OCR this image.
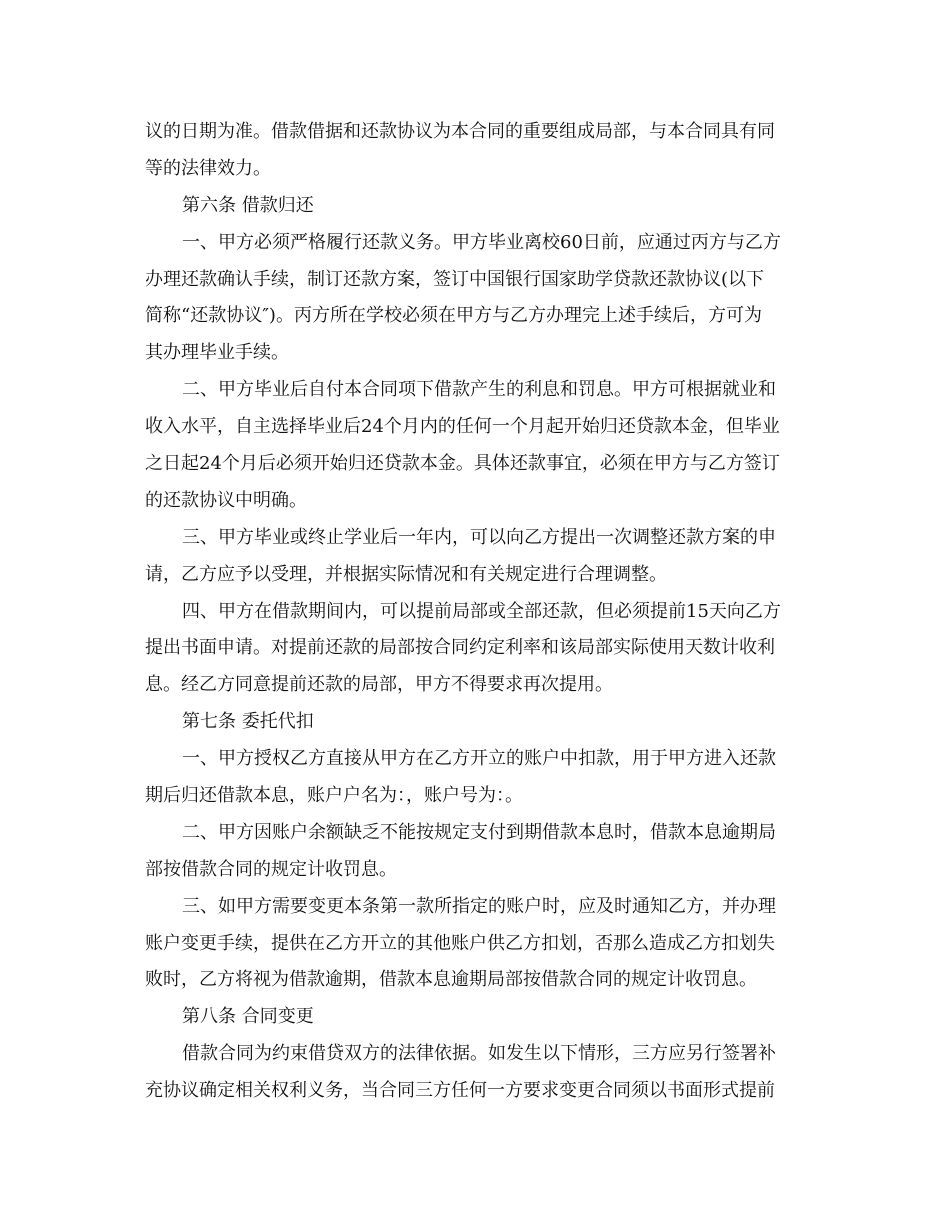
议的日期为准。借款借据和还款协议为本合同的重要组成局部，与本合同具有同
等的法律效力。
第六条 借款归还
一、甲方必须严格履行还款义务。甲方毕业离校60日前，应通过丙方与乙方
办理还款确认手续，制订还款方案，签订中国银行国家助学贷款还款协议(以下
简称“还款协议″)。丙方所在学校必须在甲方与乙方办理完上述手续后，方可为
其办理毕业手续。
二、甲方毕业后自付本合同项下借款产生的利息和罚息。甲方可根据就业和
收入水平，自主选择毕业后24个月内的任何一个月起开始归还贷款本金，但毕业
之日起24个月后必须开始归还贷款本金。具体还款事宜，必须在甲方与乙方签订
的还款协议中明确。
三、甲方毕业或终止学业后一年内，可以向乙方提出一次调整还款方案的申
请，乙方应予以受理，并根据实际情况和有关规定进行合理调整。
四、甲方在借款期间内，可以提前局部或全部还款，但必须提前15天向乙方
提出书面申请。对提前还款的局部按合同约定利率和该局部实际使用天数计收利
息。经乙方同意提前还款的局部，甲方不得要求再次提用。
第七条 委托代扣
一、甲方授权乙方直接从甲方在乙方开立的账户中扣款，用于甲方进入还款
期后归还借款本息，账户户名为：，账户号为：。
二、甲方因账户余额缺乏不能按规定支付到期借款本息时，借款本息逾期局
部按借款合同的规定计收罚息。
三、如甲方需要变更本条第一款所指定的账户时，应及时通知乙方，并办理
账户变更手续，提供在乙方开立的其他账户供乙方扣划，否那么造成乙方扣划失
败时，乙方将视为借款逾期，借款本息逾期局部按借款合同的规定计收罚息。
第八条 合同变更
借款合同为约束借贷双方的法律依据。如发生以下情形，三方应另行签署补
充协议确定相关权利义务，当合同三方任何一方要求变更合同须以书面形式提前
